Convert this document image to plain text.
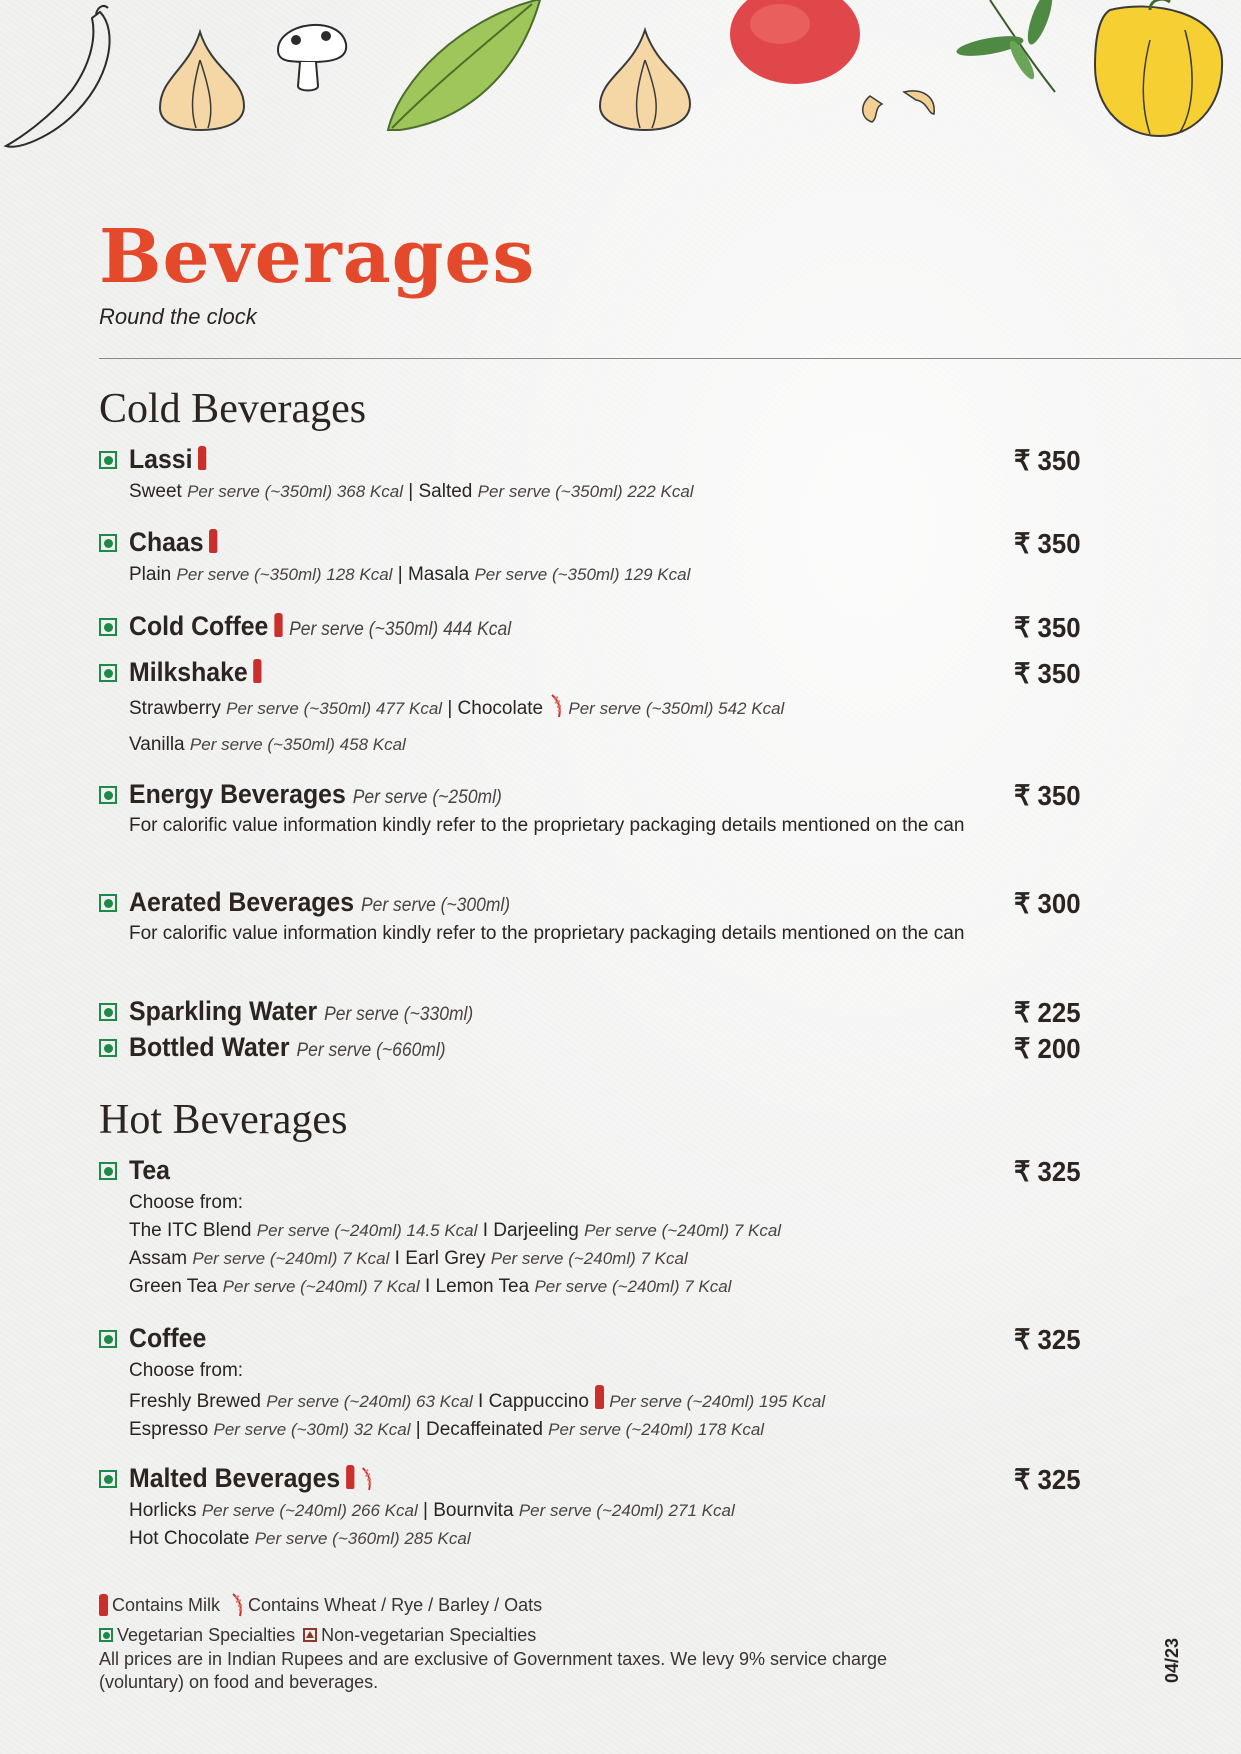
Beverages
Round the clock
Cold Beverages
Lassi	₹ 350
Sweet Per serve (~350ml) 368 Kcal | Salted Per serve (~350ml) 222 Kcal
Chaas	₹ 350
Plain Per serve (~350ml) 128 Kcal | Masala Per serve (~350ml) 129 Kcal
Cold Coffee Per serve (~350ml) 444 Kcal	₹ 350
Milkshake	₹ 350
Strawberry Per serve (~350ml) 477 Kcal | Chocolate Per serve (~350ml) 542 Kcal
Vanilla Per serve (~350ml) 458 Kcal
Energy Beverages Per serve (~250ml)	₹ 350
For calorific value information kindly refer to the proprietary packaging details mentioned on the can
Aerated Beverages Per serve (~300ml)	₹ 300
For calorific value information kindly refer to the proprietary packaging details mentioned on the can
Sparkling Water Per serve (~330ml)	₹ 225
Bottled Water Per serve (~660ml)	₹ 200
Hot Beverages
Tea	₹ 325
Choose from:
The ITC Blend Per serve (~240ml) 14.5 Kcal I Darjeeling Per serve (~240ml) 7 Kcal
Assam Per serve (~240ml) 7 Kcal I Earl Grey Per serve (~240ml) 7 Kcal
Green Tea Per serve (~240ml) 7 Kcal I Lemon Tea Per serve (~240ml) 7 Kcal
Coffee	₹ 325
Choose from:
Freshly Brewed Per serve (~240ml) 63 Kcal I Cappuccino Per serve (~240ml) 195 Kcal
Espresso Per serve (~30ml) 32 Kcal | Decaffeinated Per serve (~240ml) 178 Kcal
Malted Beverages	₹ 325
Horlicks Per serve (~240ml) 266 Kcal | Bournvita Per serve (~240ml) 271 Kcal
Hot Chocolate Per serve (~360ml) 285 Kcal
Contains Milk Contains Wheat / Rye / Barley / Oats
Vegetarian Specialties Non-vegetarian Specialties
All prices are in Indian Rupees and are exclusive of Government taxes. We levy 9% service charge (voluntary) on food and beverages.	04/23
